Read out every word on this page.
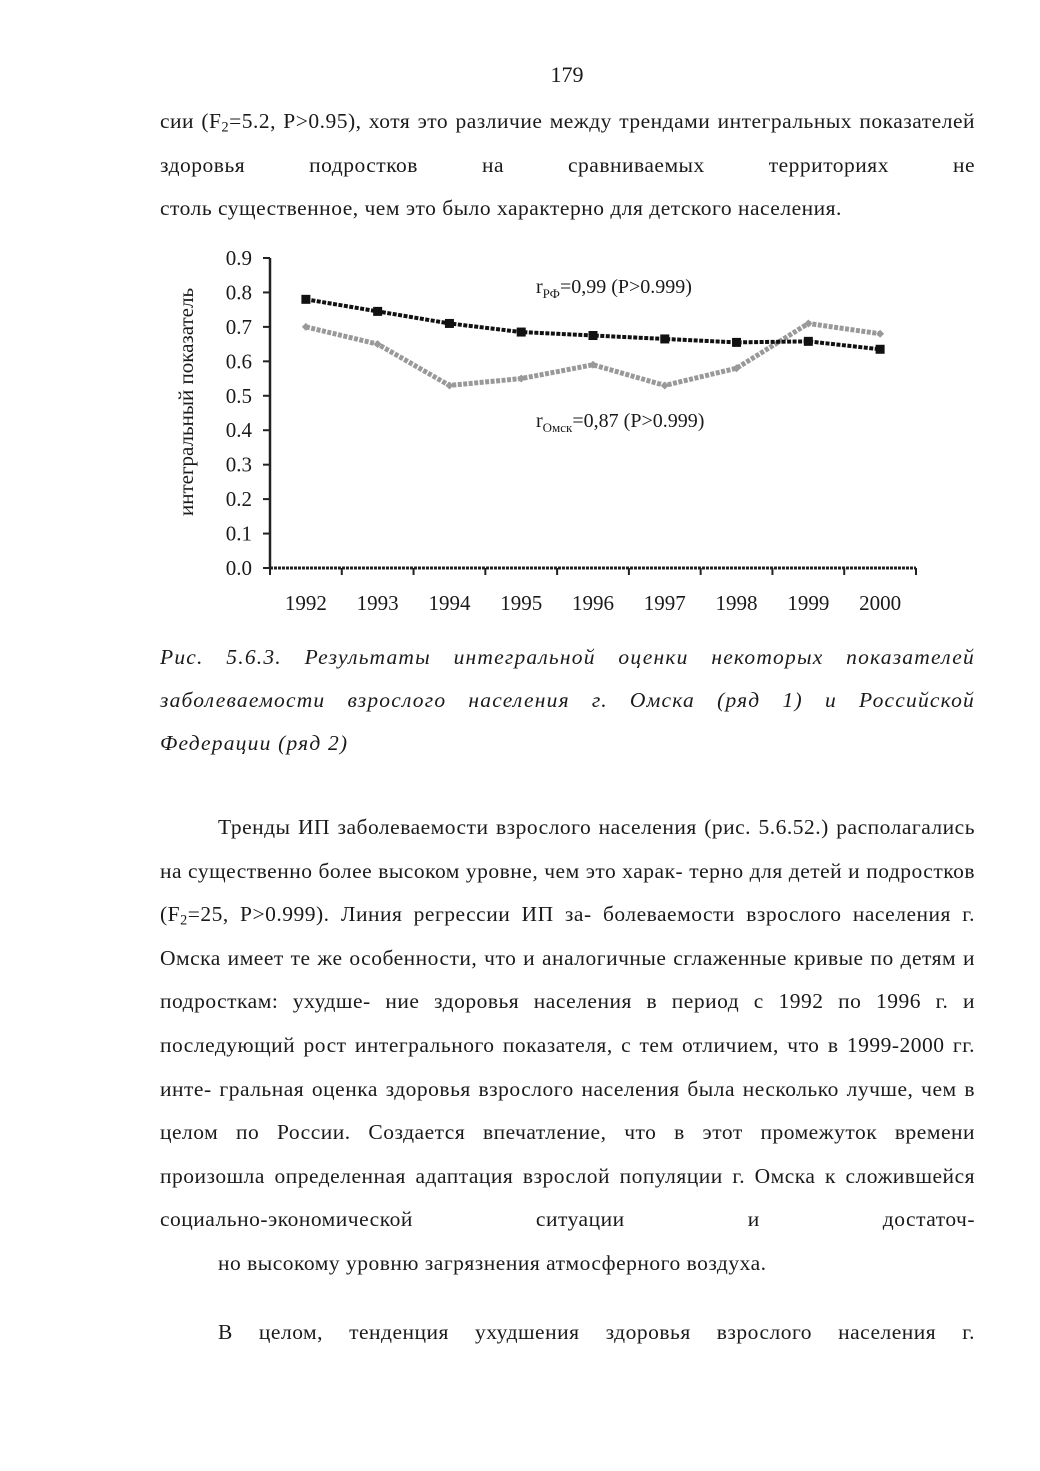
179

сии ($F_2=5.2$, P>0.95), хотя это различие между трендами интегральных показателей здоровья подростков на сравниваемых территориях не
столь существенное, чем это было характерно для детского населения.

интегральный показатель
0.0
0.1
0.2
0.3
0.4
0.5
0.6
0.7
0.8
0.9
1992 1993 1994 1995 1996 1997 1998 1999 2000
$r_{РФ}=0,99$ (P>0.999)
$r_{Омск}=0,87$ (P>0.999)

Рис. 5.6.3. Результаты интегральной оценки некоторых показателей
заболеваемости взрослого населения г. Омска (ряд 1) и Российской
Федерации (ряд 2)

Тренды ИП заболеваемости взрослого населения (рис. 5.6.52.) располагались на существенно более высоком уровне, чем это харак- терно для детей и подростков ($F_2=25$, P>0.999). Линия регрессии ИП за- болеваемости взрослого населения г. Омска имеет те же особенности, что и аналогичные сглаженные кривые по детям и подросткам: ухудше- ние здоровья населения в период с 1992 по 1996 г. и последующий рост интегрального показателя, с тем отличием, что в 1999-2000 гг. инте- гральная оценка здоровья взрослого населения была несколько лучше, чем в целом по России. Создается впечатление, что в этот промежуток времени произошла определенная адаптация взрослой популяции г. Омска к сложившейся социально-экономической ситуации и достаточ-
но высокому уровню загрязнения атмосферного воздуха.

В целом, тенденция ухудшения здоровья взрослого населения г.
